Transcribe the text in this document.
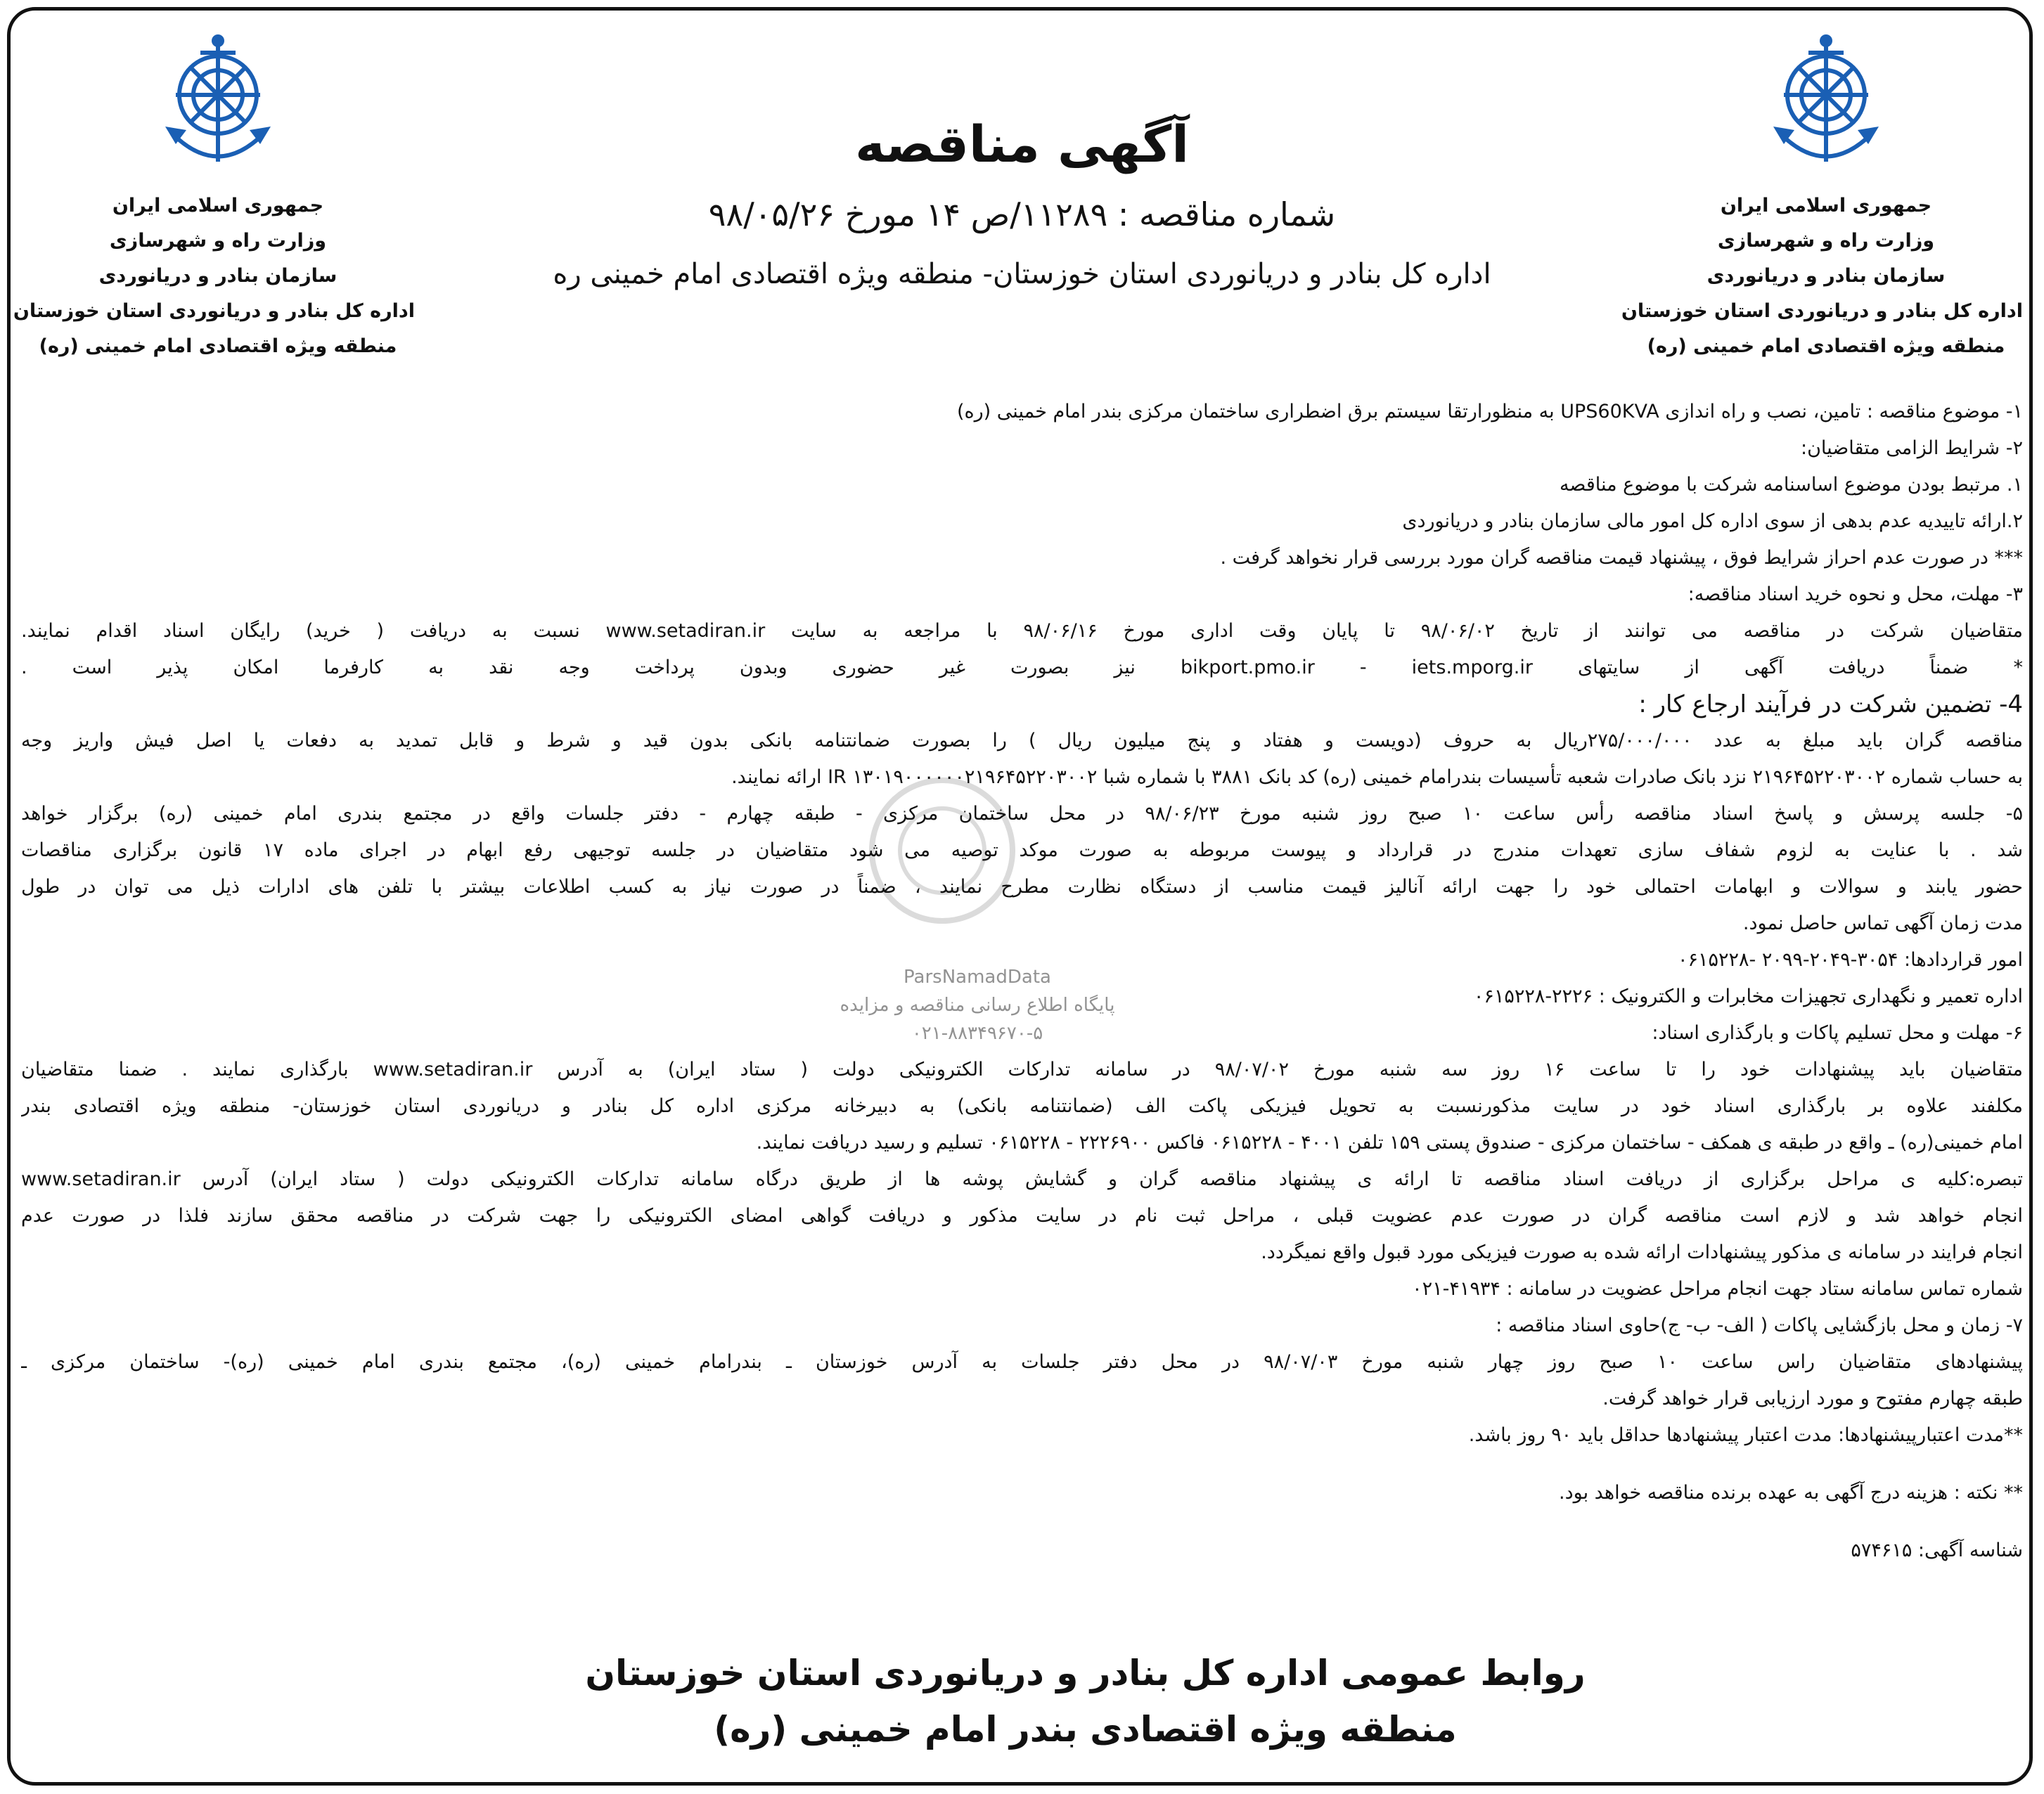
جمهوری اسلامی ایران
وزارت راه و شهرسازی
سازمان بنادر و دریانوردی
اداره کل بنادر و دریانوردی استان خوزستان
منطقه ویژه اقتصادی امام خمینی (ره)
آگهی مناقصه
شماره مناقصه : ۱۱۲۸۹/ص ۱۴ مورخ ۹۸/۰۵/۲۶
اداره کل بنادر و دریانوردی استان خوزستان- منطقه ویژه اقتصادی امام خمینی ره
جمهوری اسلامی ایران
وزارت راه و شهرسازی
سازمان بنادر و دریانوردی
اداره کل بنادر و دریانوردی استان خوزستان
منطقه ویژه اقتصادی امام خمینی (ره)
ParsNamadData
پایگاه اطلاع رسانی مناقصه و مزایده
۰۲۱-۸۸۳۴۹۶۷۰-۵
۱- موضوع مناقصه : تامین، نصب و راه اندازی UPS60KVA به منظورارتقا سیستم برق اضطراری ساختمان مرکزی بندر امام خمینی (ره)
۲- شرایط الزامی متقاضیان:
۱. مرتبط بودن موضوع اساسنامه شرکت با موضوع مناقصه
۲.ارائه تاییدیه عدم بدهی از سوی اداره کل امور مالی سازمان بنادر و دریانوردی
*** در صورت عدم احراز شرایط فوق ، پیشنهاد قیمت مناقصه گران مورد بررسی قرار نخواهد گرفت .
۳- مهلت، محل و نحوه خرید اسناد مناقصه:
متقاضیان شرکت در مناقصه می توانند از تاریخ ۹۸/۰۶/۰۲ تا پایان وقت اداری مورخ ۹۸/۰۶/۱۶ با مراجعه به سایت www.setadiran.ir نسبت به دریافت ( خرید) رایگان اسناد اقدام نمایند.
* ضمناً دریافت آگهی از سایتهای bikport.pmo.ir - iets.mporg.ir نیز بصورت غیر حضوری وبدون پرداخت وجه نقد به کارفرما امکان پذیر است .
4- تضمین شرکت در فرآیند ارجاع کار :
مناقصه گران باید مبلغ به عدد ۲۷۵/۰۰۰/۰۰۰ریال به حروف (دویست و هفتاد و پنج میلیون ریال ) را بصورت ضمانتنامه بانکی بدون قید و شرط و قابل تمدید به دفعات یا اصل فیش واریز وجه
به حساب شماره ۲۱۹۶۴۵۲۲۰۳۰۰۲ نزد بانک صادرات شعبه تأسیسات بندرامام خمینی (ره) کد بانک ۳۸۸۱ با شماره شبا IR ۱۳۰۱۹۰۰۰۰۰۰۲۱۹۶۴۵۲۲۰۳۰۰۲ ارائه نمایند.
۵- جلسه پرسش و پاسخ اسناد مناقصه رأس ساعت ۱۰ صبح روز شنبه مورخ ۹۸/۰۶/۲۳ در محل ساختمان مرکزی - طبقه چهارم - دفتر جلسات واقع در مجتمع بندری امام خمینی (ره) برگزار خواهد
شد . با عنایت به لزوم شفاف سازی تعهدات مندرج در قرارداد و پیوست مربوطه به صورت موکد توصیه می شود متقاضیان در جلسه توجیهی رفع ابهام در اجرای ماده ۱۷ قانون برگزاری مناقصات
حضور یابند و سوالات و ابهامات احتمالی خود را جهت ارائه آنالیز قیمت مناسب از دستگاه نظارت مطرح نمایند ، ضمناً در صورت نیاز به کسب اطلاعات بیشتر با تلفن های ادارات ذیل می توان در طول
مدت زمان آگهی تماس حاصل نمود.
امور قراردادها: ۳۰۵۴-۲۰۴۹-۲۰۹۹ -۰۶۱۵۲۲۸
اداره تعمیر و نگهداری تجهیزات مخابرات و الکترونیک : ۲۲۲۶-۰۶۱۵۲۲۸
۶- مهلت و محل تسلیم پاکات و بارگذاری اسناد:
متقاضیان باید پیشنهادات خود را تا ساعت ۱۶ روز سه شنبه مورخ ۹۸/۰۷/۰۲ در سامانه تدارکات الکترونیکی دولت ( ستاد ایران) به آدرس www.setadiran.ir بارگذاری نمایند . ضمنا متقاضیان
مکلفند علاوه بر بارگذاری اسناد خود در سایت مذکورنسبت به تحویل فیزیکی پاکت الف (ضمانتنامه بانکی) به دبیرخانه مرکزی اداره کل بنادر و دریانوردی استان خوزستان- منطقه ویژه اقتصادی بندر
امام خمینی(ره) ـ واقع در طبقه ی همکف - ساختمان مرکزی - صندوق پستی ۱۵۹ تلفن ۴۰۰۱ - ۰۶۱۵۲۲۸ فاکس ۲۲۲۶۹۰۰ - ۰۶۱۵۲۲۸ تسلیم و رسید دریافت نمایند.
تبصره:کلیه ی مراحل برگزاری از دریافت اسناد مناقصه تا ارائه ی پیشنهاد مناقصه گران و گشایش پوشه ها از طریق درگاه سامانه تدارکات الکترونیکی دولت ( ستاد ایران) آدرس www.setadiran.ir
انجام خواهد شد و لازم است مناقصه گران در صورت عدم عضویت قبلی ، مراحل ثبت نام در سایت مذکور و دریافت گواهی امضای الکترونیکی را جهت شرکت در مناقصه محقق سازند فلذا در صورت عدم
انجام فرایند در سامانه ی مذکور پیشنهادات ارائه شده به صورت فیزیکی مورد قبول واقع نمیگردد.
شماره تماس سامانه ستاد جهت انجام مراحل عضویت در سامانه : ۴۱۹۳۴-۰۲۱
۷- زمان و محل بازگشایی پاکات ( الف- ب- ج)حاوی اسناد مناقصه :
پیشنهادهای متقاضیان راس ساعت ۱۰ صبح روز چهار شنبه مورخ ۹۸/۰۷/۰۳ در محل دفتر جلسات به آدرس خوزستان ـ بندرامام خمینی (ره)، مجتمع بندری امام خمینی (ره)- ساختمان مرکزی ـ
طبقه چهارم مفتوح و مورد ارزیابی قرار خواهد گرفت.
**مدت اعتبارپیشنهادها: مدت اعتبار پیشنهادها حداقل باید ۹۰ روز باشد.
** نکته : هزینه درج آگهی به عهده برنده مناقصه خواهد بود.
شناسه آگهی: ۵۷۴۶۱۵
روابط عمومی اداره کل بنادر و دریانوردی استان خوزستان
منطقه ویژه اقتصادی بندر امام خمینی (ره)
